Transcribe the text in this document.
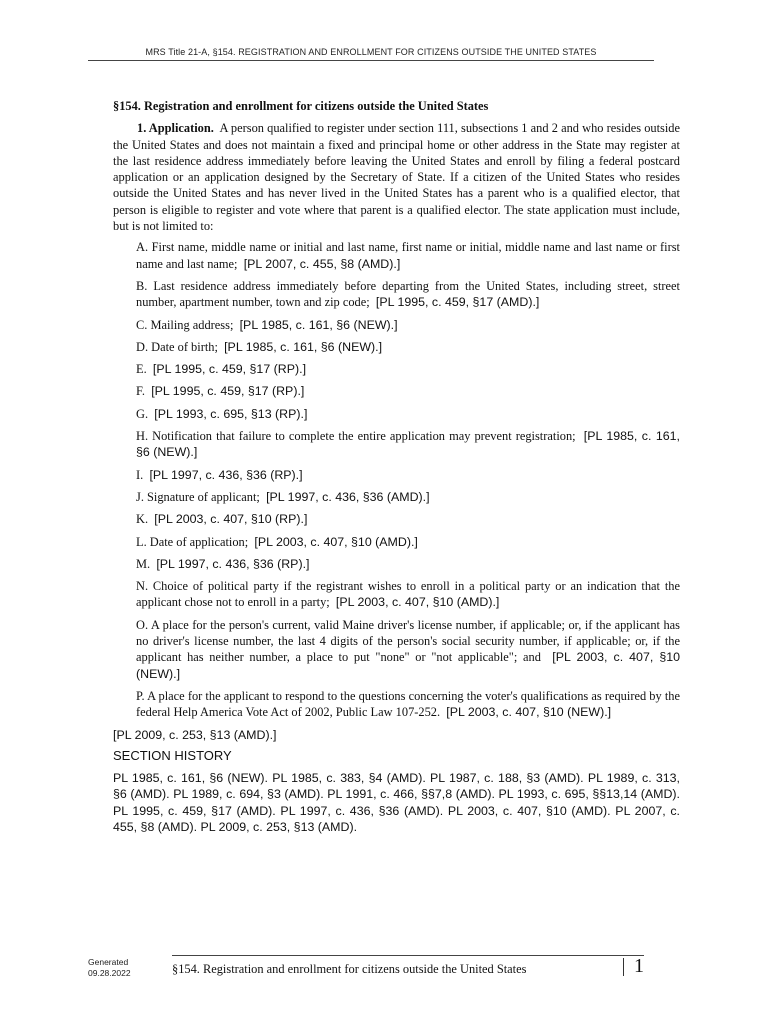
MRS Title 21-A, §154. REGISTRATION AND ENROLLMENT FOR CITIZENS OUTSIDE THE UNITED STATES

§154. Registration and enrollment for citizens outside the United States

1. Application. A person qualified to register under section 111, subsections 1 and 2 and who resides outside the United States and does not maintain a fixed and principal home or other address in the State may register at the last residence address immediately before leaving the United States and enroll by filing a federal postcard application or an application designed by the Secretary of State. If a citizen of the United States who resides outside the United States and has never lived in the United States has a parent who is a qualified elector, that person is eligible to register and vote where that parent is a qualified elector. The state application must include, but is not limited to:

A. First name, middle name or initial and last name, first name or initial, middle name and last name or first name and last name; [PL 2007, c. 455, §8 (AMD).]

B. Last residence address immediately before departing from the United States, including street, street number, apartment number, town and zip code; [PL 1995, c. 459, §17 (AMD).]

C. Mailing address; [PL 1985, c. 161, §6 (NEW).]

D. Date of birth; [PL 1985, c. 161, §6 (NEW).]

E. [PL 1995, c. 459, §17 (RP).]

F. [PL 1995, c. 459, §17 (RP).]

G. [PL 1993, c. 695, §13 (RP).]

H. Notification that failure to complete the entire application may prevent registration; [PL 1985, c. 161, §6 (NEW).]

I. [PL 1997, c. 436, §36 (RP).]

J. Signature of applicant; [PL 1997, c. 436, §36 (AMD).]

K. [PL 2003, c. 407, §10 (RP).]

L. Date of application; [PL 2003, c. 407, §10 (AMD).]

M. [PL 1997, c. 436, §36 (RP).]

N. Choice of political party if the registrant wishes to enroll in a political party or an indication that the applicant chose not to enroll in a party; [PL 2003, c. 407, §10 (AMD).]

O. A place for the person's current, valid Maine driver's license number, if applicable; or, if the applicant has no driver's license number, the last 4 digits of the person's social security number, if applicable; or, if the applicant has neither number, a place to put "none" or "not applicable"; and [PL 2003, c. 407, §10 (NEW).]

P. A place for the applicant to respond to the questions concerning the voter's qualifications as required by the federal Help America Vote Act of 2002, Public Law 107-252. [PL 2003, c. 407, §10 (NEW).]

[PL 2009, c. 253, §13 (AMD).]

SECTION HISTORY

PL 1985, c. 161, §6 (NEW). PL 1985, c. 383, §4 (AMD). PL 1987, c. 188, §3 (AMD). PL 1989, c. 313, §6 (AMD). PL 1989, c. 694, §3 (AMD). PL 1991, c. 466, §§7,8 (AMD). PL 1993, c. 695, §§13,14 (AMD). PL 1995, c. 459, §17 (AMD). PL 1997, c. 436, §36 (AMD). PL 2003, c. 407, §10 (AMD). PL 2007, c. 455, §8 (AMD). PL 2009, c. 253, §13 (AMD).

Generated
09.28.2022	§154. Registration and enrollment for citizens outside the United States	1
